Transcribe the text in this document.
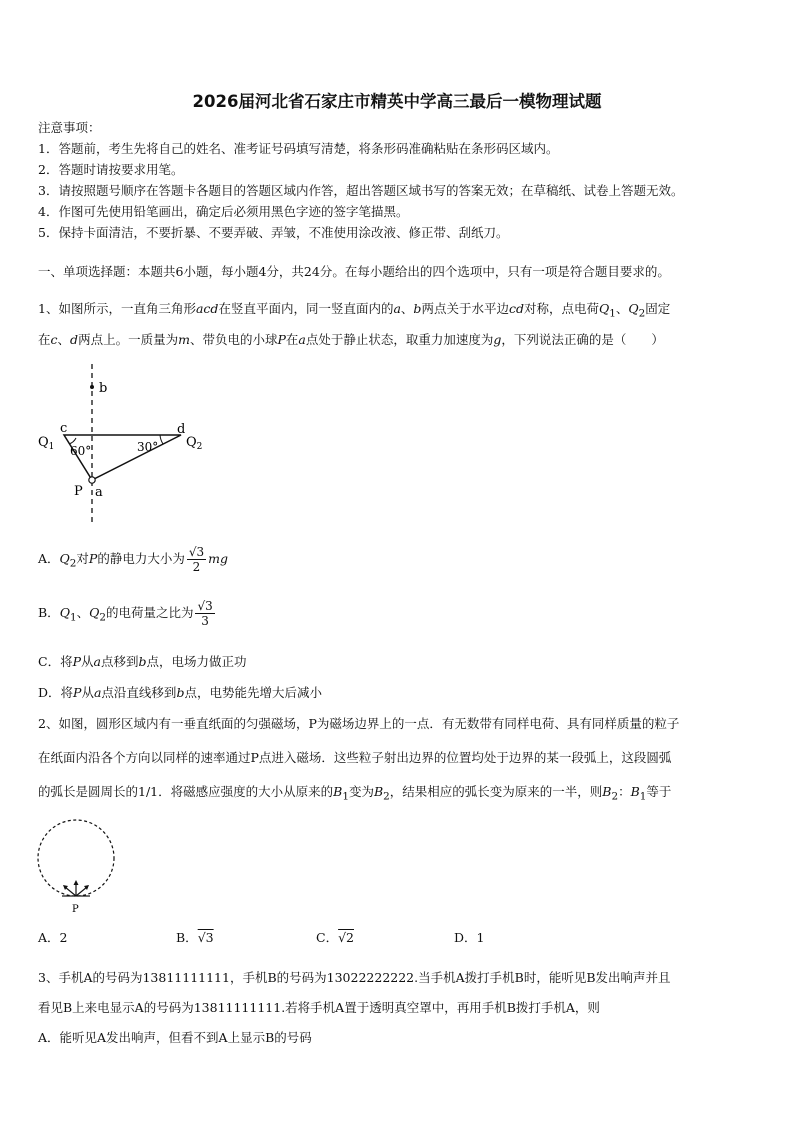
2026届河北省石家庄市精英中学高三最后一模物理试题
注意事项：
1．答题前，考生先将自己的姓名、准考证号码填写清楚，将条形码准确粘贴在条形码区域内。
2．答题时请按要求用笔。
3．请按照题号顺序在答题卡各题目的答题区域内作答，超出答题区域书写的答案无效；在草稿纸、试卷上答题无效。
4．作图可先使用铅笔画出，确定后必须用黑色字迹的签字笔描黑。
5．保持卡面清洁，不要折暴、不要弄破、弄皱，不准使用涂改液、修正带、刮纸刀。
一、单项选择题：本题共6小题，每小题4分，共24分。在每小题给出的四个选项中，只有一项是符合题目要求的。
1、如图所示，一直角三角形acd在竖直平面内，同一竖直面内的a、b两点关于水平边cd对称，点电荷$Q_1$、$Q_2$固定
在c、d两点上。一质量为m、带负电的小球P在a点处于静止状态，取重力加速度为g，下列说法正确的是（　　）
b
$Q_1$
c	d
$Q_2$
60°	30°
P a
A．$Q_2$对P的静电力大小为 $\frac{√3}{2}$ mg
B．$Q_1$、$Q_2$的电荷量之比为 $\frac{√3}{3}$
C．将P从a点移到b点，电场力做正功
D．将P从a点沿直线移到b点，电势能先增大后减小
2、如图，圆形区域内有一垂直纸面的匀强磁场，P为磁场边界上的一点．有无数带有同样电荷、具有同样质量的粒子
在纸面内沿各个方向以同样的速率通过P点进入磁场．这些粒子射出边界的位置均处于边界的某一段弧上，这段圆弧
的弧长是圆周长的1/1．将磁感应强度的大小从原来的$B_1$变为$B_2$，结果相应的弧长变为原来的一半，则$B_2$：$B_1$等于
P
A．2	B．√3	C．√2	D．1
3、手机A的号码为13811111111，手机B的号码为13022222222.当手机A拨打手机B时，能听见B发出响声并且
看见B上来电显示A的号码为13811111111.若将手机A置于透明真空罩中，再用手机B拨打手机A，则
A．能听见A发出响声，但看不到A上显示B的号码
